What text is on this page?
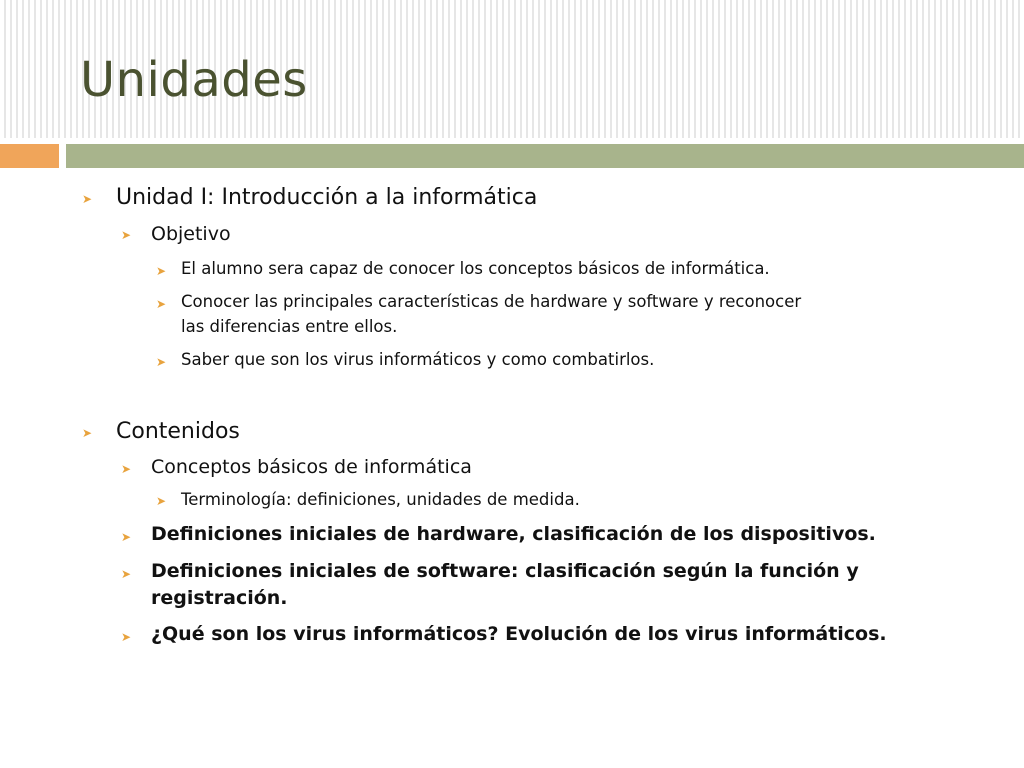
Unidades
➤ Unidad I: Introducción a la informática
➤ Objetivo
➤ El alumno sera capaz de conocer los conceptos básicos de informática.
➤ Conocer las principales características de hardware y software y reconocer
las diferencias entre ellos.
➤ Saber que son los virus informáticos y como combatirlos.
➤ Contenidos
➤ Conceptos básicos de informática
➤ Terminología: definiciones, unidades de medida.
➤ Definiciones iniciales de hardware, clasificación de los dispositivos.
➤ Definiciones iniciales de software: clasificación según la función y
registración.
➤ ¿Qué son los virus informáticos? Evolución de los virus informáticos.
